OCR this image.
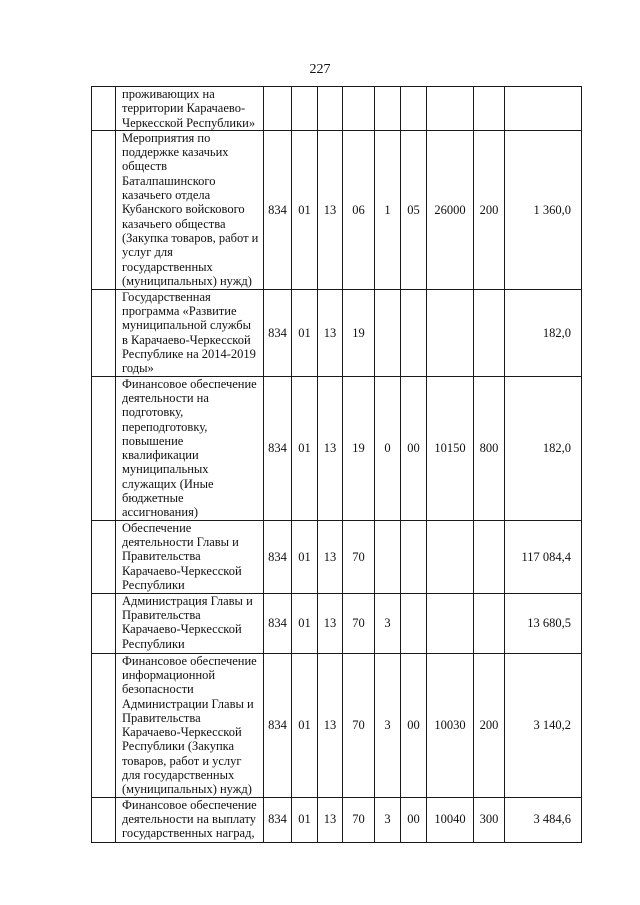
227
	проживающих на территории Карачаево-Черкесской Республики»									
	Мероприятия по поддержке казачьих обществ Баталпашинского казачьего отдела Кубанского войскового казачьего общества (Закупка товаров, работ и услуг для государственных (муниципальных) нужд)	834	01	13	06	1	05	26000	200	1 360,0
	Государственная программа «Развитие муниципальной службы в Карачаево-Черкесской Республике на 2014-2019 годы»	834	01	13	19					182,0
	Финансовое обеспечение деятельности на подготовку, переподготовку, повышение квалификации муниципальных служащих (Иные бюджетные ассигнования)	834	01	13	19	0	00	10150	800	182,0
	Обеспечение деятельности Главы и Правительства Карачаево-Черкесской Республики	834	01	13	70					117 084,4
	Администрация Главы и Правительства Карачаево-Черкесской Республики	834	01	13	70	3				13 680,5
	Финансовое обеспечение информационной безопасности Администрации Главы и Правительства Карачаево-Черкесской Республики (Закупка товаров, работ и услуг для государственных (муниципальных) нужд)	834	01	13	70	3	00	10030	200	3 140,2
	Финансовое обеспечение деятельности на выплату государственных наград,	834	01	13	70	3	00	10040	300	3 484,6
